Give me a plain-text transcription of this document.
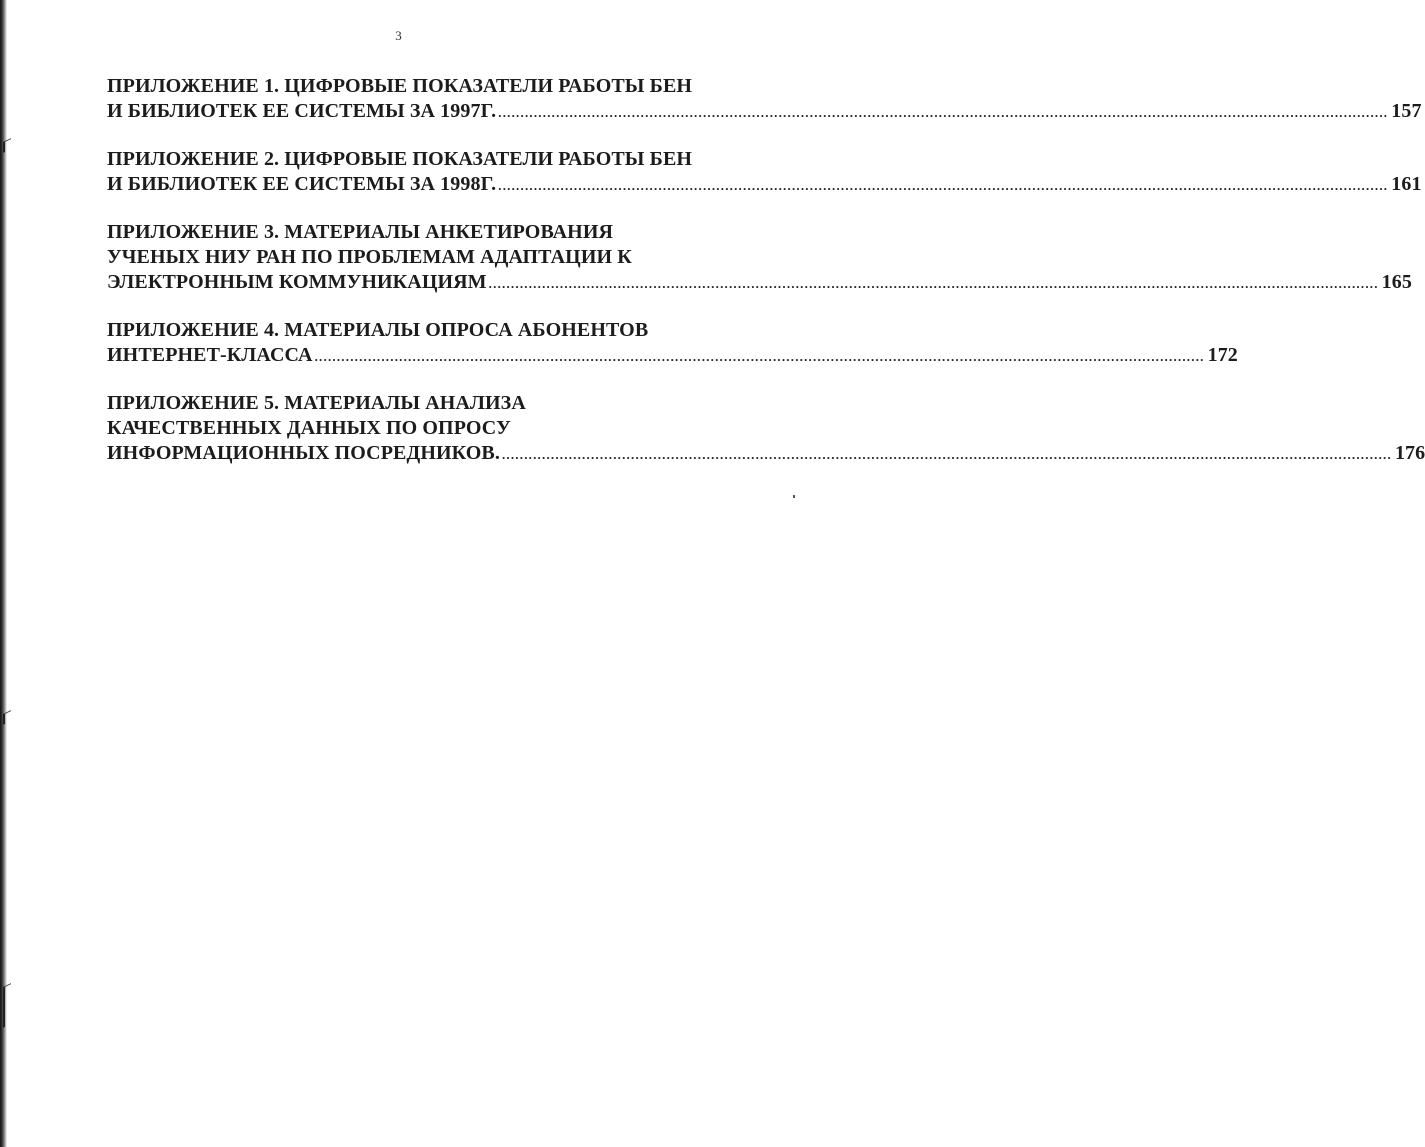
3
ПРИЛОЖЕНИЕ 1. ЦИФРОВЫЕ ПОКАЗАТЕЛИ РАБОТЫ БЕН
И БИБЛИОТЕК ЕЕ СИСТЕМЫ ЗА 1997Г. ........................................................................................................................................................................................................ 157
ПРИЛОЖЕНИЕ 2. ЦИФРОВЫЕ ПОКАЗАТЕЛИ РАБОТЫ БЕН
И БИБЛИОТЕК ЕЕ СИСТЕМЫ ЗА 1998Г. ........................................................................................................................................................................................................ 161
ПРИЛОЖЕНИЕ 3. МАТЕРИАЛЫ АНКЕТИРОВАНИЯ
УЧЕНЫХ НИУ РАН ПО ПРОБЛЕМАМ АДАПТАЦИИ К
ЭЛЕКТРОННЫМ КОММУНИКАЦИЯМ ........................................................................................................................................................................................................ 165
ПРИЛОЖЕНИЕ 4. МАТЕРИАЛЫ ОПРОСА АБОНЕНТОВ
ИНТЕРНЕТ-КЛАССА ........................................................................................................................................................................................................ 172
ПРИЛОЖЕНИЕ 5. МАТЕРИАЛЫ АНАЛИЗА
КАЧЕСТВЕННЫХ ДАННЫХ ПО ОПРОСУ
ИНФОРМАЦИОННЫХ ПОСРЕДНИКОВ. ........................................................................................................................................................................................................ 176
